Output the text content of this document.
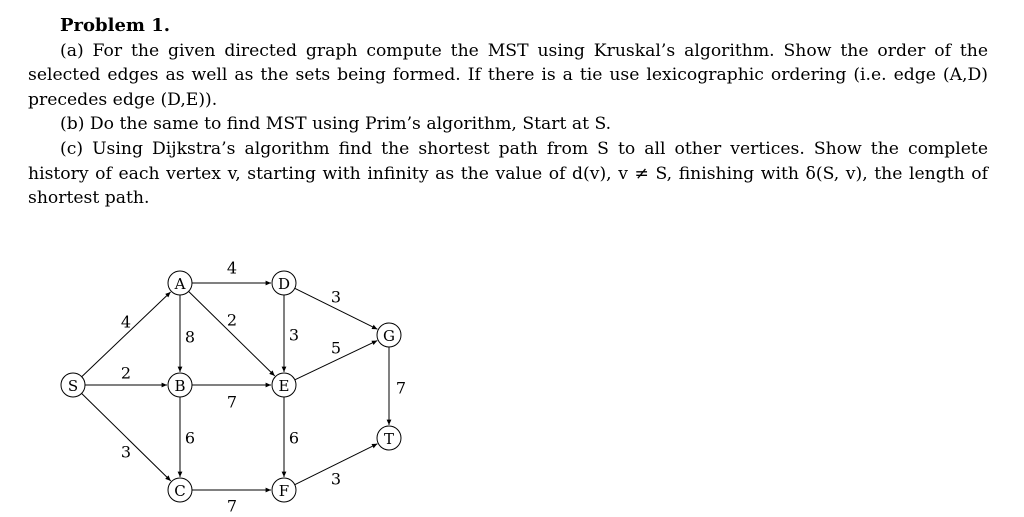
Problem 1.

(a) For the given directed graph compute the MST using Kruskal’s algorithm. Show the order of the selected edges as well as the sets being formed. If there is a tie use lexicographic ordering (i.e. edge (A,D) precedes edge (D,E)).

(b) Do the same to find MST using Prim’s algorithm, Start at S.

(c) Using Dijkstra’s algorithm find the shortest path from S to all other vertices. Show the complete history of each vertex v, starting with infinity as the value of d(v), v ≠ S, finishing with δ(S, v), the length of shortest path.

4
2
3
4
8
2
7
6
3
3
5
6
7
3
7
S
A
B
C
D
E
F
G
T
